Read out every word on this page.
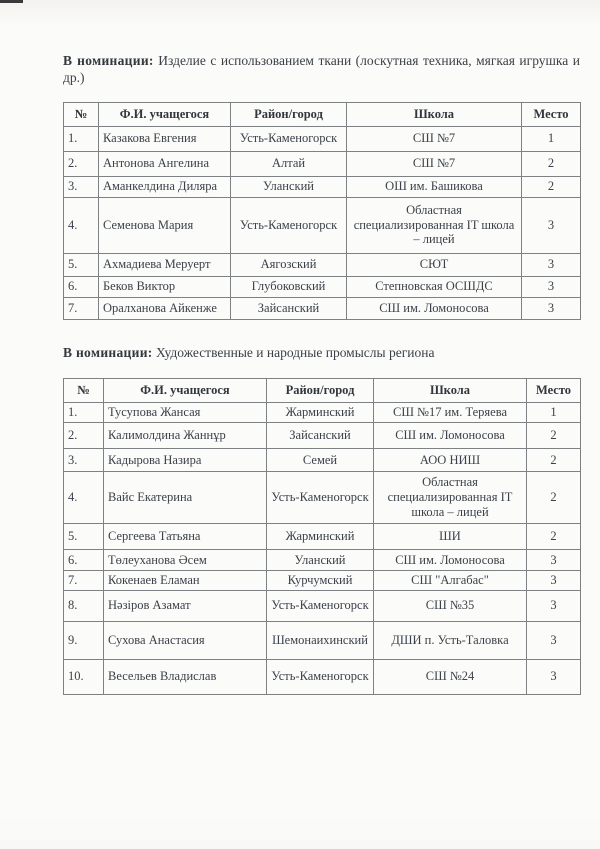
В номинации: Изделие с использованием ткани (лоскутная техника, мягкая игрушка и др.)

№	Ф.И. учащегося	Район/город	Школа	Место
1.	Казакова Евгения	Усть-Каменогорск	СШ №7	1
2.	Антонова Ангелина	Алтай	СШ №7	2
3.	Аманкелдина Диляра	Уланский	ОШ им. Башикова	2
4.	Семенова Мария	Усть-Каменогорск	Областная специализированная IT школа – лицей	3
5.	Ахмадиева Меруерт	Аягозский	СЮТ	3
6.	Беков Виктор	Глубоковский	Степновская ОСШДС	3
7.	Оралханова Айкенже	Зайсанский	СШ им. Ломоносова	3

В номинации: Художественные и народные промыслы региона

№	Ф.И. учащегося	Район/город	Школа	Место
1.	Тусупова Жансая	Жарминский	СШ №17 им. Теряева	1
2.	Калимолдина Жаннұр	Зайсанский	СШ им. Ломоносова	2
3.	Кадырова Назира	Семей	АОО НИШ	2
4.	Вайс Екатерина	Усть-Каменогорск	Областная специализированная IT школа – лицей	2
5.	Сергеева Татьяна	Жарминский	ШИ	2
6.	Төлеуханова Әсем	Уланский	СШ им. Ломоносова	3
7.	Кокенаев Еламан	Курчумский	СШ "Алгабас"	3
8.	Нәзіров Азамат	Усть-Каменогорск	СШ №35	3
9.	Сухова Анастасия	Шемонаихинский	ДШИ п. Усть-Таловка	3
10.	Весельев Владислав	Усть-Каменогорск	СШ №24	3
